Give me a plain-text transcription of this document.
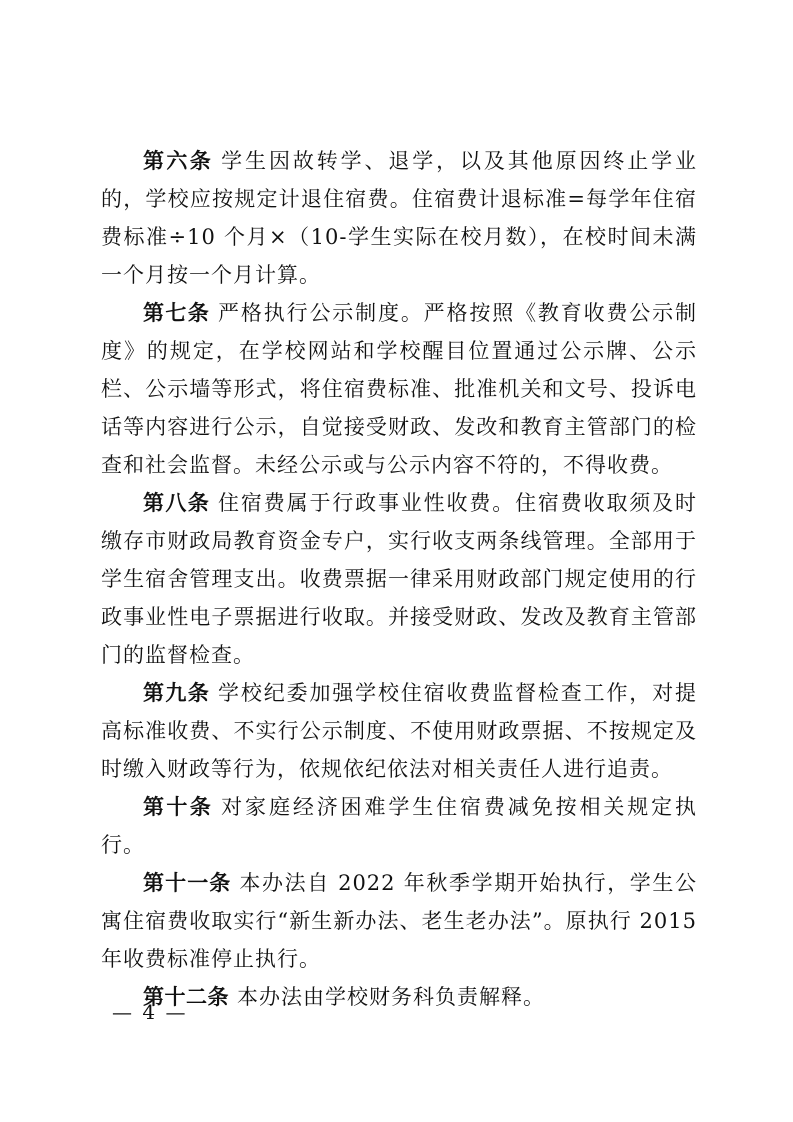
第六条 学生因故转学、退学，以及其他原因终止学业的，学校应按规定计退住宿费。住宿费计退标准=每学年住宿费标准÷10 个月×（10-学生实际在校月数），在校时间未满一个月按一个月计算。

第七条 严格执行公示制度。严格按照《教育收费公示制度》的规定，在学校网站和学校醒目位置通过公示牌、公示栏、公示墙等形式，将住宿费标准、批准机关和文号、投诉电话等内容进行公示，自觉接受财政、发改和教育主管部门的检查和社会监督。未经公示或与公示内容不符的，不得收费。

第八条 住宿费属于行政事业性收费。住宿费收取须及时缴存市财政局教育资金专户，实行收支两条线管理。全部用于学生宿舍管理支出。收费票据一律采用财政部门规定使用的行政事业性电子票据进行收取。并接受财政、发改及教育主管部门的监督检查。

第九条 学校纪委加强学校住宿收费监督检查工作，对提高标准收费、不实行公示制度、不使用财政票据、不按规定及时缴入财政等行为，依规依纪依法对相关责任人进行追责。

第十条 对家庭经济困难学生住宿费减免按相关规定执行。

第十一条 本办法自 2022 年秋季学期开始执行，学生公寓住宿费收取实行“新生新办法、老生老办法”。原执行 2015 年收费标准停止执行。

第十二条 本办法由学校财务科负责解释。

— 4 —
